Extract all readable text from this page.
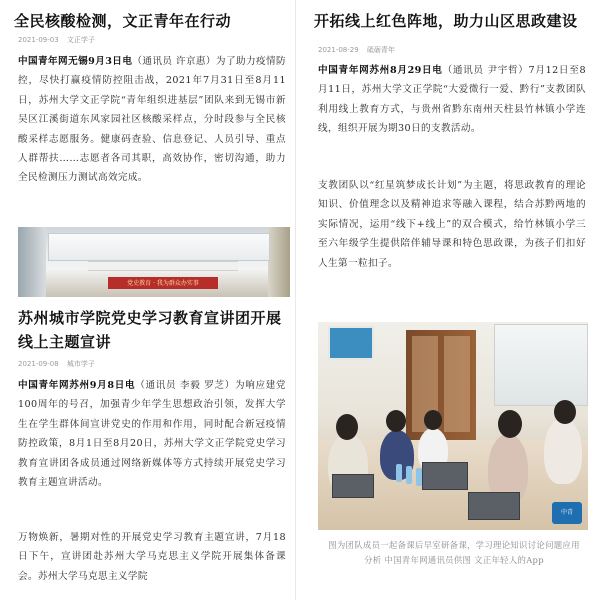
全民核酸检测，文正青年在行动
2021-09-03 文正学子

中国青年网无锡9月3日电（通讯员 许京惠）为了助力疫情防控，尽快打赢疫情防控阻击战，2021年7月31日至8月11日，苏州大学文正学院“青年组织进基层”团队来到无锡市新吴区江溪街道东风家园社区核酸采样点，分时段参与全民核酸采样志愿服务。健康码查验、信息登记、人员引导、重点人群帮扶……志愿者各司其职，高效协作，密切沟通，助力全民检测压力测试高效完成。

党史教育 · 我为群众办实事
苏州城市学院党史学习教育宣讲团开展线上主题宣讲
2021-09-08 城市学子

中国青年网苏州9月8日电（通讯员 李毅 罗芝）为响应建党100周年的号召，加强青少年学生思想政治引领，发挥大学生在学生群体间宣讲党史的作用和作用，同时配合新冠疫情防控政策，8月1日至8月20日，苏州大学文正学院党史学习教育宣讲团各成员通过网络新媒体等方式持续开展党史学习教育主题宣讲活动。

万物焕新，暑期对性的开展党史学习教育主题宣讲，7月18日下午，宣讲团赴苏州大学马克思主义学院开展集体备课会。苏州大学马克思主义学院

开拓线上红色阵地，助力山区思政建设
2021-08-29 砥砺青年

中国青年网苏州8月29日电（通讯员 尹宇哲）7月12日至8月11日，苏州大学文正学院“大爱微行一爱、黔行”支教团队利用线上教育方式，与贵州省黔东南州天柱县竹林镇小学连线，组织开展为期30日的支教活动。

支教团队以“红星筑梦成长计划”为主题，将思政教育的理论知识、价值理念以及精神追求等融入课程，结合苏黔两地的实际情况，运用“线下+线上”的双合模式，给竹林镇小学三至六年级学生提供陪伴辅导课和特色思政课，为孩子们扣好人生第一粒扣子。

中青

图为团队成员一起备课后早室研备课，学习理论知识讨论问题应用分析 中国青年网通讯员供图 文正年轻人的App
